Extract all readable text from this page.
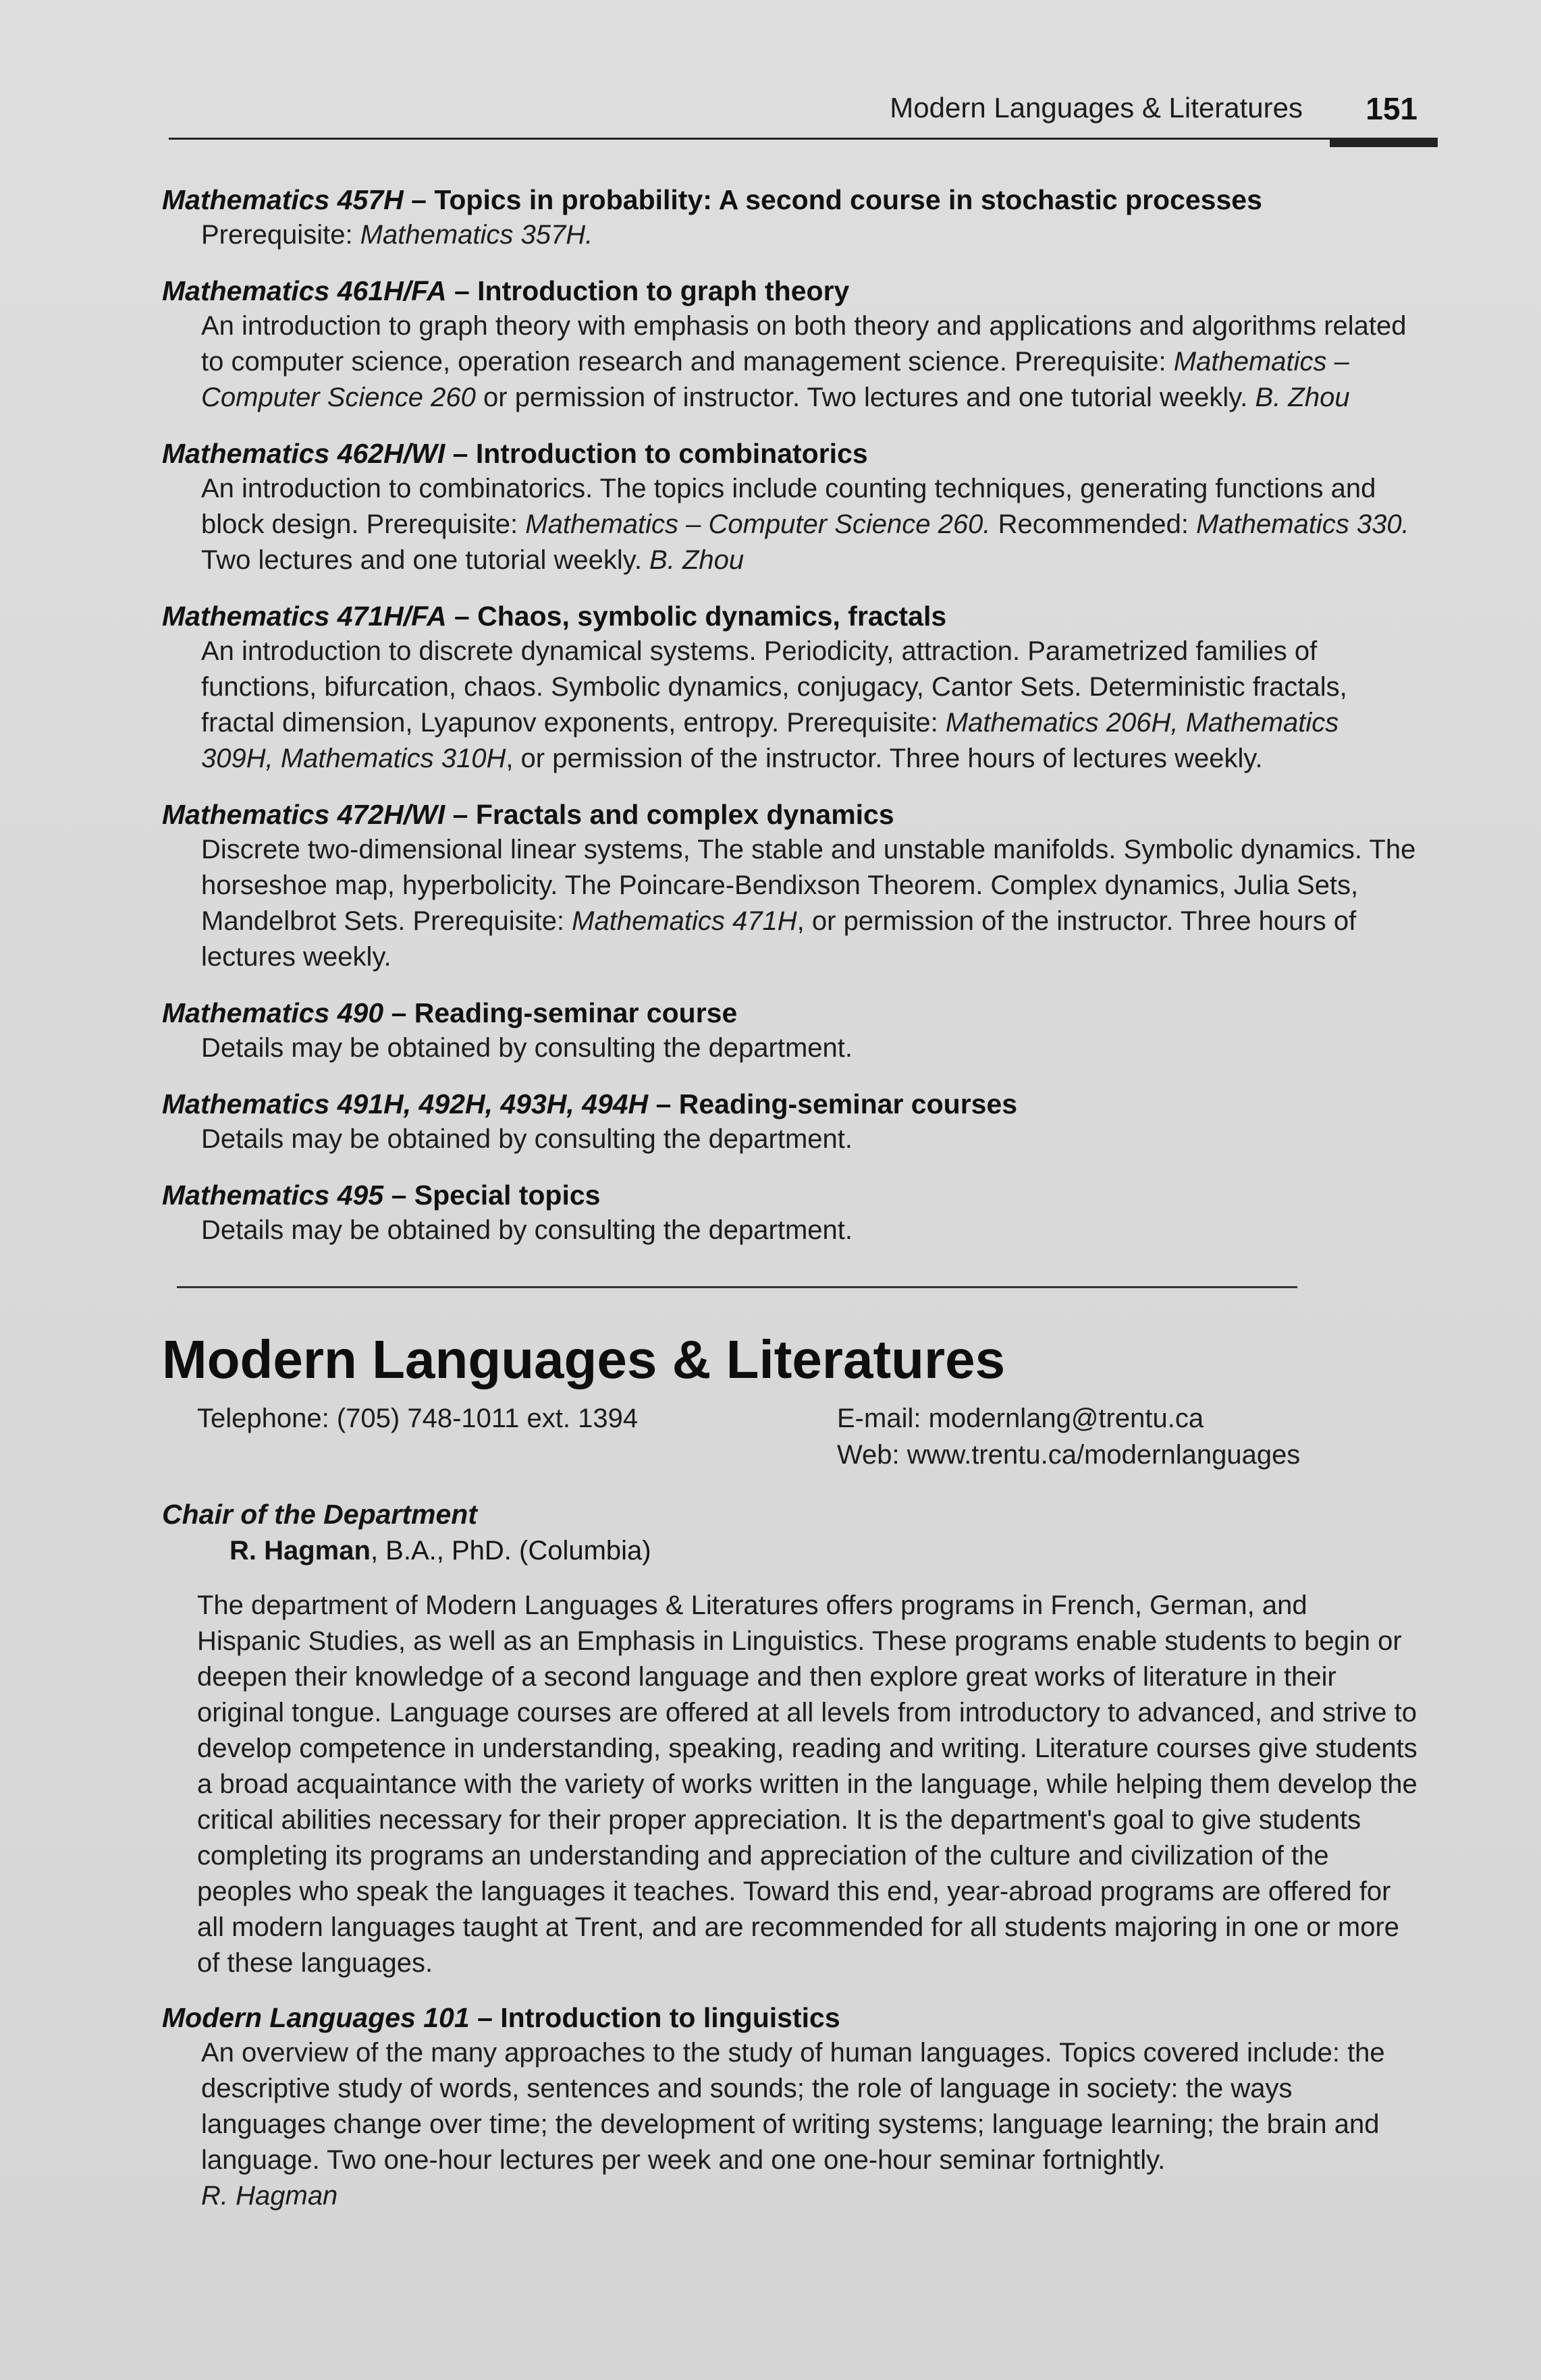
Modern Languages & Literatures 151
Mathematics 457H – Topics in probability: A second course in stochastic processes
Prerequisite: Mathematics 357H.
Mathematics 461H/FA – Introduction to graph theory
An introduction to graph theory with emphasis on both theory and applications and algorithms related to computer science, operation research and management science. Prerequisite: Mathematics – Computer Science 260 or permission of instructor. Two lectures and one tutorial weekly. B. Zhou
Mathematics 462H/WI – Introduction to combinatorics
An introduction to combinatorics. The topics include counting techniques, generating functions and block design. Prerequisite: Mathematics – Computer Science 260. Recommended: Mathematics 330. Two lectures and one tutorial weekly. B. Zhou
Mathematics 471H/FA – Chaos, symbolic dynamics, fractals
An introduction to discrete dynamical systems. Periodicity, attraction. Parametrized families of functions, bifurcation, chaos. Symbolic dynamics, conjugacy, Cantor Sets. Deterministic fractals, fractal dimension, Lyapunov exponents, entropy. Prerequisite: Mathematics 206H, Mathematics 309H, Mathematics 310H, or permission of the instructor. Three hours of lectures weekly.
Mathematics 472H/WI – Fractals and complex dynamics
Discrete two-dimensional linear systems, The stable and unstable manifolds. Symbolic dynamics. The horseshoe map, hyperbolicity. The Poincare-Bendixson Theorem. Complex dynamics, Julia Sets, Mandelbrot Sets. Prerequisite: Mathematics 471H, or permission of the instructor. Three hours of lectures weekly.
Mathematics 490 – Reading-seminar course
Details may be obtained by consulting the department.
Mathematics 491H, 492H, 493H, 494H – Reading-seminar courses
Details may be obtained by consulting the department.
Mathematics 495 – Special topics
Details may be obtained by consulting the department.
Modern Languages & Literatures
Telephone: (705) 748-1011 ext. 1394	E-mail: modernlang@trentu.ca
Web: www.trentu.ca/modernlanguages
Chair of the Department
R. Hagman, B.A., PhD. (Columbia)
The department of Modern Languages & Literatures offers programs in French, German, and Hispanic Studies, as well as an Emphasis in Linguistics. These programs enable students to begin or deepen their knowledge of a second language and then explore great works of literature in their original tongue. Language courses are offered at all levels from introductory to advanced, and strive to develop competence in understanding, speaking, reading and writing. Literature courses give students a broad acquaintance with the variety of works written in the language, while helping them develop the critical abilities necessary for their proper appreciation. It is the department's goal to give students completing its programs an understanding and appreciation of the culture and civilization of the peoples who speak the languages it teaches. Toward this end, year-abroad programs are offered for all modern languages taught at Trent, and are recommended for all students majoring in one or more of these languages.
Modern Languages 101 – Introduction to linguistics
An overview of the many approaches to the study of human languages. Topics covered include: the descriptive study of words, sentences and sounds; the role of language in society: the ways languages change over time; the development of writing systems; language learning; the brain and language. Two one-hour lectures per week and one one-hour seminar fortnightly.
R. Hagman
